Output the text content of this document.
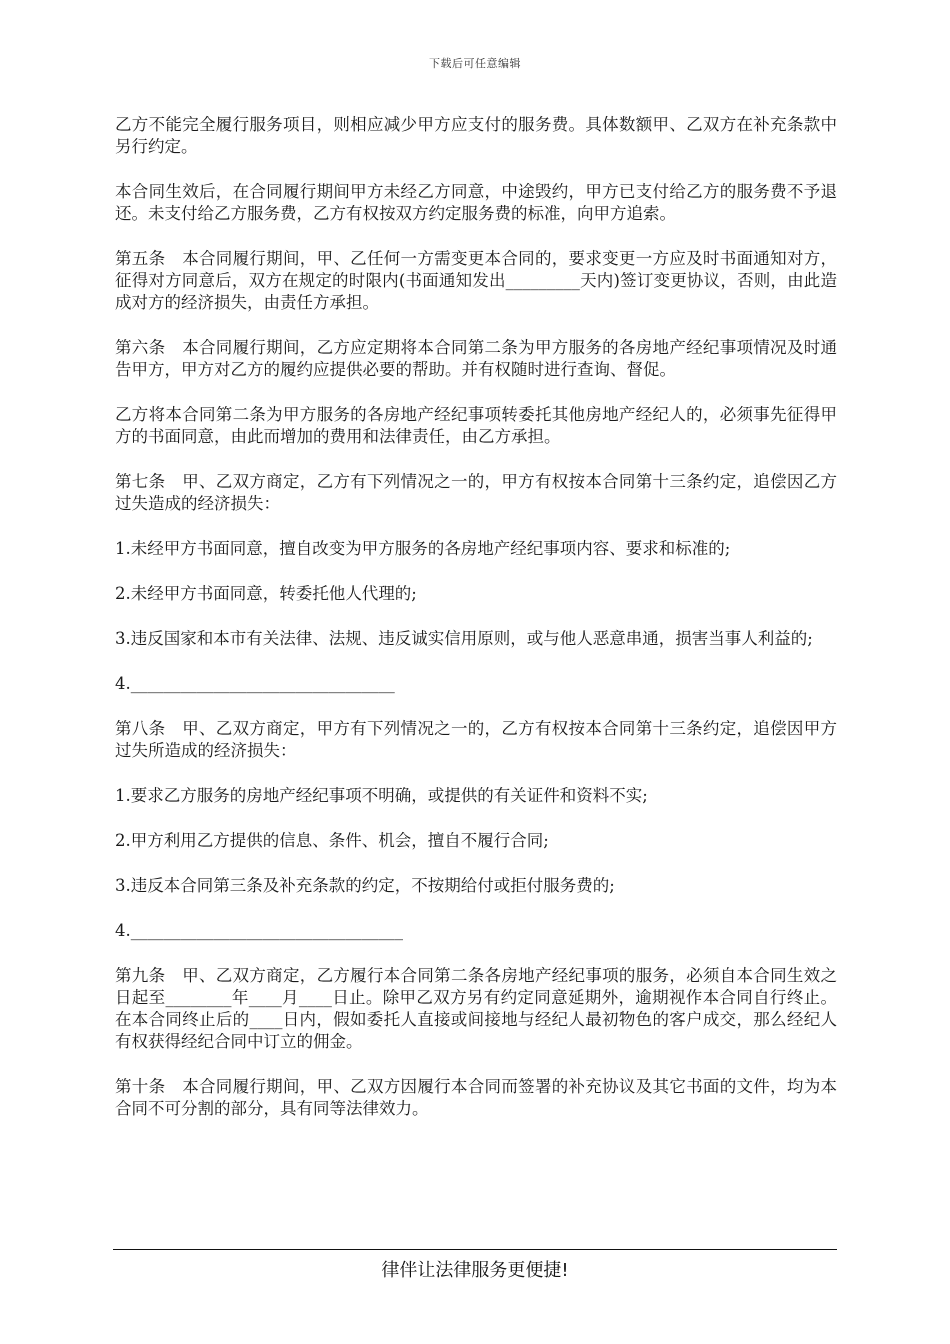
下载后可任意编辑

乙方不能完全履行服务项目，则相应减少甲方应支付的服务费。具体数额甲、乙双方在补充条款中另行约定。

本合同生效后，在合同履行期间甲方未经乙方同意，中途毁约，甲方已支付给乙方的服务费不予退还。未支付给乙方服务费，乙方有权按双方约定服务费的标准，向甲方追索。

第五条　本合同履行期间，甲、乙任何一方需变更本合同的，要求变更一方应及时书面通知对方，征得对方同意后，双方在规定的时限内(书面通知发出_________天内)签订变更协议，否则，由此造成对方的经济损失，由责任方承担。

第六条　本合同履行期间，乙方应定期将本合同第二条为甲方服务的各房地产经纪事项情况及时通告甲方，甲方对乙方的履约应提供必要的帮助。并有权随时进行查询、督促。

乙方将本合同第二条为甲方服务的各房地产经纪事项转委托其他房地产经纪人的，必须事先征得甲方的书面同意，由此而增加的费用和法律责任，由乙方承担。

第七条　甲、乙双方商定，乙方有下列情况之一的，甲方有权按本合同第十三条约定，追偿因乙方过失造成的经济损失：

1.未经甲方书面同意，擅自改变为甲方服务的各房地产经纪事项内容、要求和标准的;

2.未经甲方书面同意，转委托他人代理的;

3.违反国家和本市有关法律、法规、违反诚实信用原则，或与他人恶意串通，损害当事人利益的;

4.________________________________

第八条　甲、乙双方商定，甲方有下列情况之一的，乙方有权按本合同第十三条约定，追偿因甲方过失所造成的经济损失：

1.要求乙方服务的房地产经纪事项不明确，或提供的有关证件和资料不实;

2.甲方利用乙方提供的信息、条件、机会，擅自不履行合同;

3.违反本合同第三条及补充条款的约定，不按期给付或拒付服务费的;

4._________________________________

第九条　甲、乙双方商定，乙方履行本合同第二条各房地产经纪事项的服务，必须自本合同生效之日起至________年____月____日止。除甲乙双方另有约定同意延期外，逾期视作本合同自行终止。在本合同终止后的____日内，假如委托人直接或间接地与经纪人最初物色的客户成交，那么经纪人有权获得经纪合同中订立的佣金。

第十条　本合同履行期间，甲、乙双方因履行本合同而签署的补充协议及其它书面的文件，均为本合同不可分割的部分，具有同等法律效力。

律伴让法律服务更便捷!
